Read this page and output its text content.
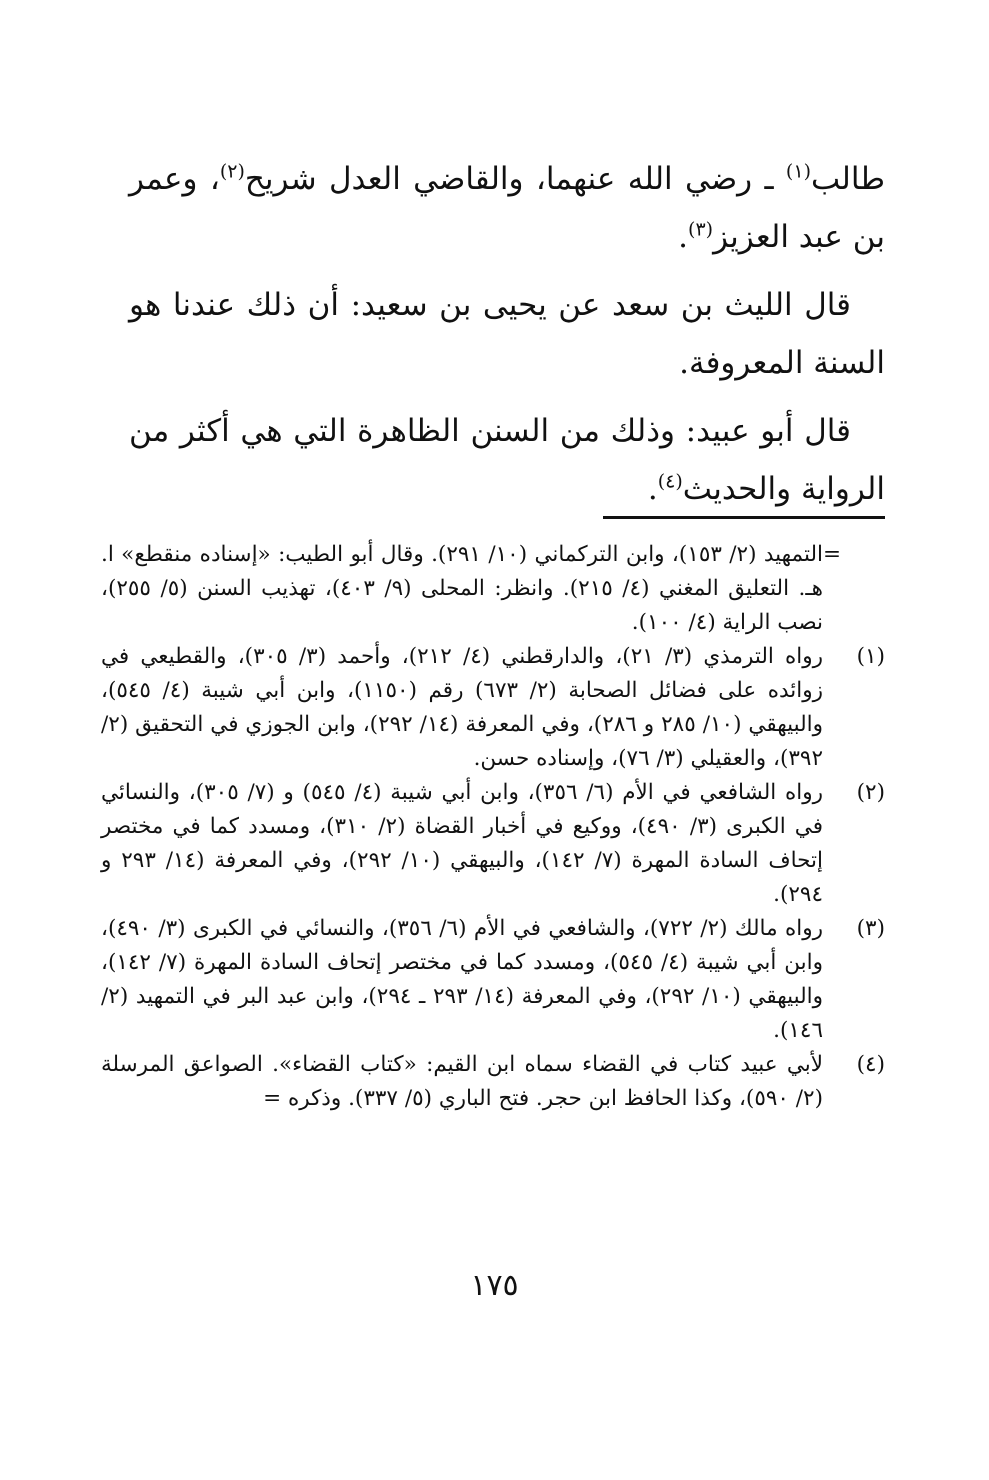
طالب$^{(١)}$ ـ رضي الله عنهما، والقاضي العدل شريح$^{(٢)}$، وعمر بن عبد العزيز$^{(٣)}$.

قال الليث بن سعد عن يحيى بن سعيد: أن ذلك عندنا هو السنة المعروفة.

قال أبو عبيد: وذلك من السنن الظاهرة التي هي أكثر من الرواية والحديث$^{(٤)}$.

=
التمهيد (٢/ ١٥٣)، وابن التركماني (١٠/ ٢٩١). وقال أبو الطيب: «إسناده منقطع» ا. هـ. التعليق المغني (٤/ ٢١٥). وانظر: المحلى (٩/ ٤٠٣)، تهذيب السنن (٥/ ٢٥٥)، نصب الراية (٤/ ١٠٠).
(١)
رواه الترمذي (٣/ ٢١)، والدارقطني (٤/ ٢١٢)، وأحمد (٣/ ٣٠٥)، والقطيعي في زوائده على فضائل الصحابة (٢/ ٦٧٣) رقم (١١٥٠)، وابن أبي شيبة (٤/ ٥٤٥)، والبيهقي (١٠/ ٢٨٥ و ٢٨٦)، وفي المعرفة (١٤/ ٢٩٢)، وابن الجوزي في التحقيق (٢/ ٣٩٢)، والعقيلي (٣/ ٧٦)، وإسناده حسن.
(٢)
رواه الشافعي في الأم (٦/ ٣٥٦)، وابن أبي شيبة (٤/ ٥٤٥) و (٧/ ٣٠٥)، والنسائي في الكبرى (٣/ ٤٩٠)، ووكيع في أخبار القضاة (٢/ ٣١٠)، ومسدد كما في مختصر إتحاف السادة المهرة (٧/ ١٤٢)، والبيهقي (١٠/ ٢٩٢)، وفي المعرفة (١٤/ ٢٩٣ و ٢٩٤).
(٣)
رواه مالك (٢/ ٧٢٢)، والشافعي في الأم (٦/ ٣٥٦)، والنسائي في الكبرى (٣/ ٤٩٠)، وابن أبي شيبة (٤/ ٥٤٥)، ومسدد كما في مختصر إتحاف السادة المهرة (٧/ ١٤٢)، والبيهقي (١٠/ ٢٩٢)، وفي المعرفة (١٤/ ٢٩٣ ـ ٢٩٤)، وابن عبد البر في التمهيد (٢/ ١٤٦).
(٤)
لأبي عبيد كتاب في القضاء سماه ابن القيم: «كتاب القضاء». الصواعق المرسلة (٢/ ٥٩٠)، وكذا الحافظ ابن حجر. فتح الباري (٥/ ٣٣٧). وذكره =
١٧٥
